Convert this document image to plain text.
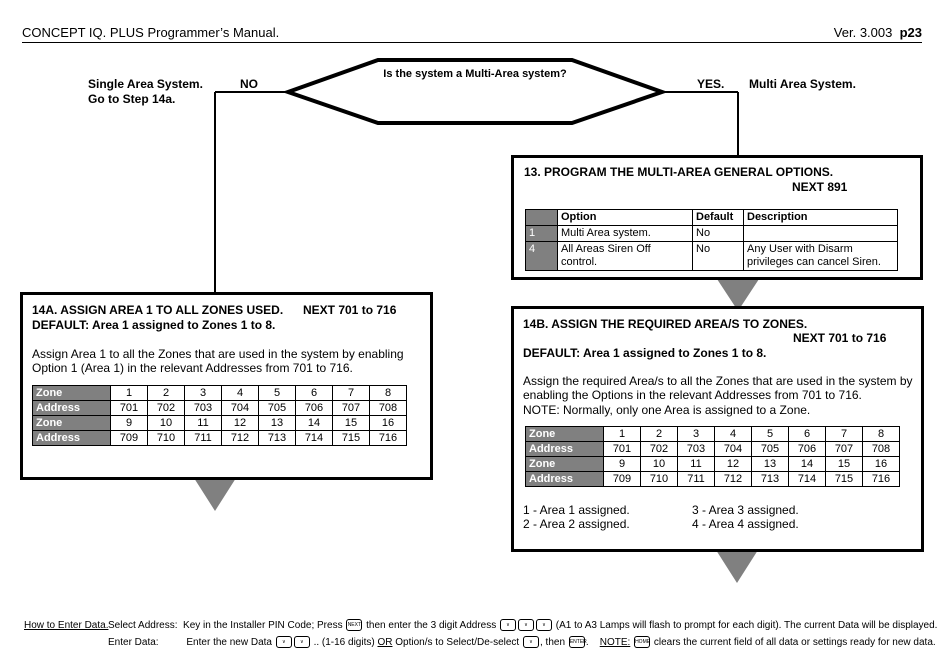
CONCEPT IQ. PLUS Programmer’s Manual.	Ver. 3.003 p23
Is the system a Multi-Area system?
NO	YES.
Single Area System.
Go to Step 14a.
Multi Area System.
13. PROGRAM THE MULTI-AREA GENERAL OPTIONS.
NEXT 891
	Option	Default	Description
1	Multi Area system.	No	
4	All Areas Siren Off control.	No	Any User with Disarm privileges can cancel Siren.
14A. ASSIGN AREA 1 TO ALL ZONES USED. NEXT 701 to 716
DEFAULT: Area 1 assigned to Zones 1 to 8.
Assign Area 1 to all the Zones that are used in the system by enabling Option 1 (Area 1) in the relevant Addresses from 701 to 716.
Zone	1	2	3	4	5	6	7	8
Address	701	702	703	704	705	706	707	708
Zone	9	10	11	12	13	14	15	16
Address	709	710	711	712	713	714	715	716
14B. ASSIGN THE REQUIRED AREA/S TO ZONES.
NEXT 701 to 716
DEFAULT: Area 1 assigned to Zones 1 to 8.
Assign the required Area/s to all the Zones that are used in the system by enabling the Options in the relevant Addresses from 701 to 716.
NOTE: Normally, only one Area is assigned to a Zone.
Zone	1	2	3	4	5	6	7	8
Address	701	702	703	704	705	706	707	708
Zone	9	10	11	12	13	14	15	16
Address	709	710	711	712	713	714	715	716
1 - Area 1 assigned.	3 - Area 3 assigned.
2 - Area 2 assigned.	4 - Area 4 assigned.
How to Enter Data. Select Address: Key in the Installer PIN Code; Press NEXT then enter the 3 digit Address ∨	∨	∨ (A1 to A3 Lamps will flash to prompt for each digit). The current Data will be displayed.
Enter Data:	Enter the new Data ∨	∨ .. (1-16 digits) OR Option/s to Select/De-select ∨ , then ENTER.    NOTE: HOME clears the current field of all data or settings ready for new data.
